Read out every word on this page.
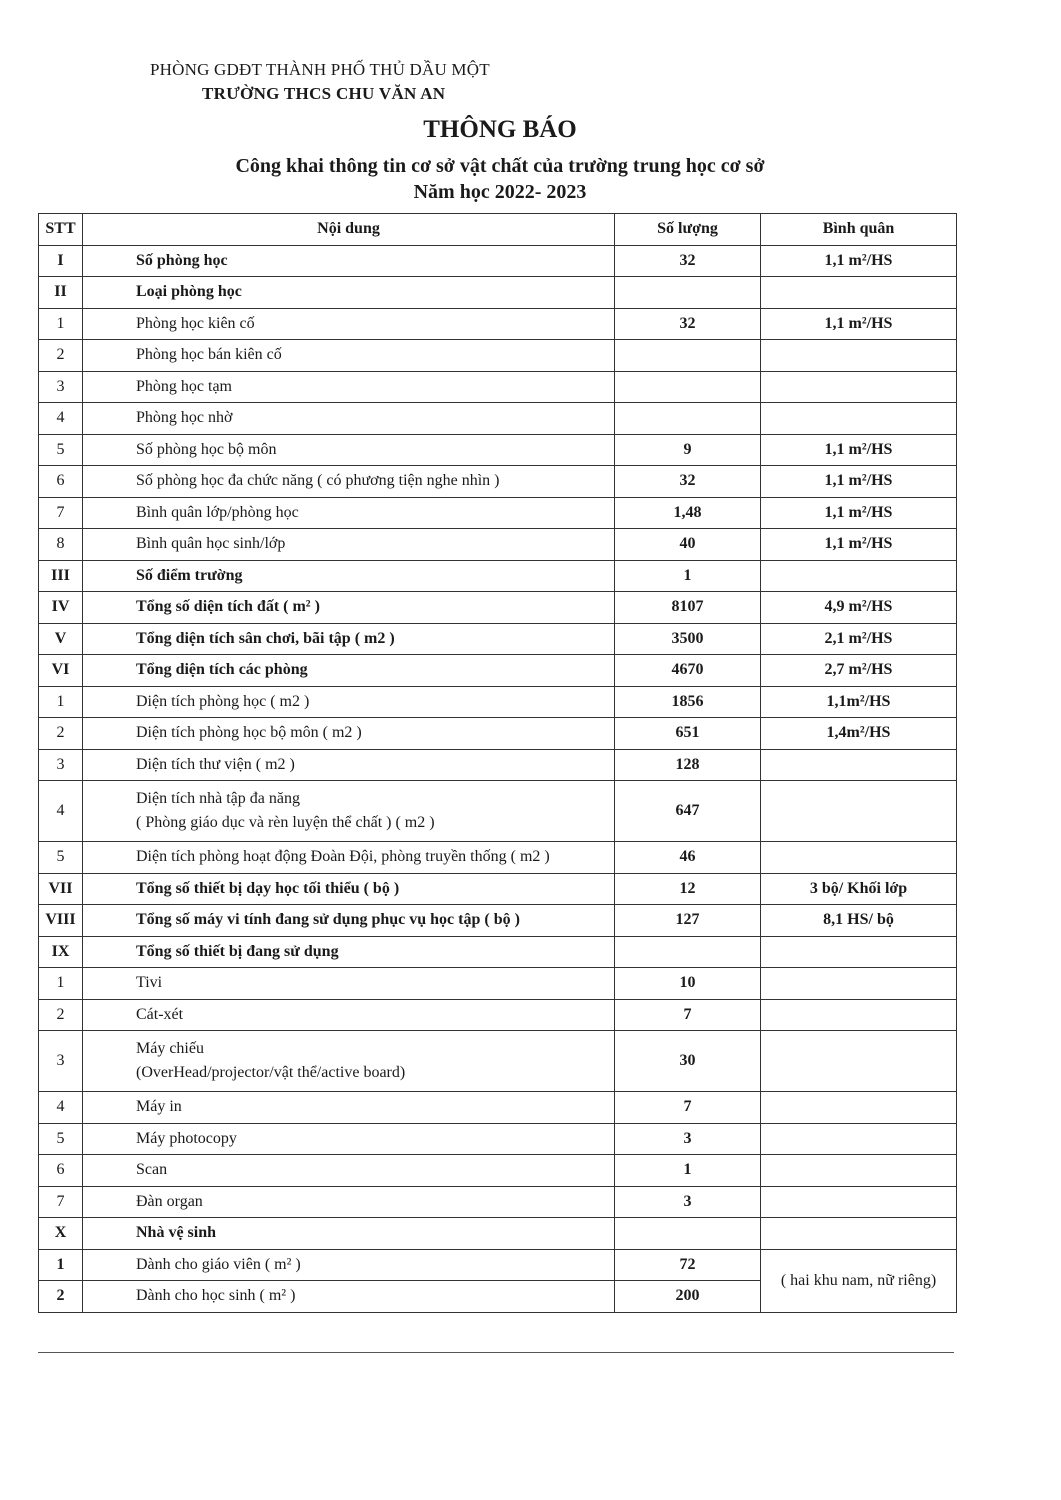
PHÒNG GDĐT THÀNH PHỐ THỦ DẦU MỘT
TRƯỜNG THCS CHU VĂN AN
THÔNG BÁO
Công khai thông tin cơ sở vật chất của trường trung học cơ sở
Năm học 2022- 2023
STT	Nội dung	Số lượng	Bình quân
I	Số phòng học	32	1,1 m²/HS
II	Loại phòng học		
1	Phòng học kiên cố	32	1,1 m²/HS
2	Phòng học bán kiên cố		
3	Phòng học tạm		
4	Phòng học nhờ		
5	Số phòng học bộ môn	9	1,1 m²/HS
6	Số phòng học đa chức năng ( có phương tiện nghe nhìn )	32	1,1 m²/HS
7	Bình quân lớp/phòng học	1,48	1,1 m²/HS
8	Bình quân học sinh/lớp	40	1,1 m²/HS
III	Số điểm trường	1	
IV	Tổng số diện tích đất ( m² )	8107	4,9 m²/HS
V	Tổng diện tích sân chơi, bãi tập ( m2 )	3500	2,1 m²/HS
VI	Tổng diện tích các phòng	4670	2,7 m²/HS
1	Diện tích phòng học ( m2 )	1856	1,1m²/HS
2	Diện tích phòng học bộ môn ( m2 )	651	1,4m²/HS
3	Diện tích thư viện ( m2 )	128	
4	Diện tích nhà tập đa năng
( Phòng giáo dục và rèn luyện thể chất ) ( m2 )	647	
5	Diện tích phòng hoạt động Đoàn Đội, phòng truyền thống ( m2 )	46	
VII	Tổng số thiết bị dạy học tối thiểu ( bộ )	12	3 bộ/ Khối lớp
VIII	Tổng số máy vi tính đang sử dụng phục vụ học tập ( bộ )	127	8,1 HS/ bộ
IX	Tổng số thiết bị đang sử dụng		
1	Tivi	10	
2	Cát-xét	7	
3	Máy chiếu
(OverHead/projector/vật thể/active board)	30	
4	Máy in	7	
5	Máy photocopy	3	
6	Scan	1	
7	Đàn organ	3	
X	Nhà vệ sinh		
1	Dành cho giáo viên ( m² )	72	( hai khu nam, nữ riêng)
2	Dành cho học sinh ( m² )	200	
